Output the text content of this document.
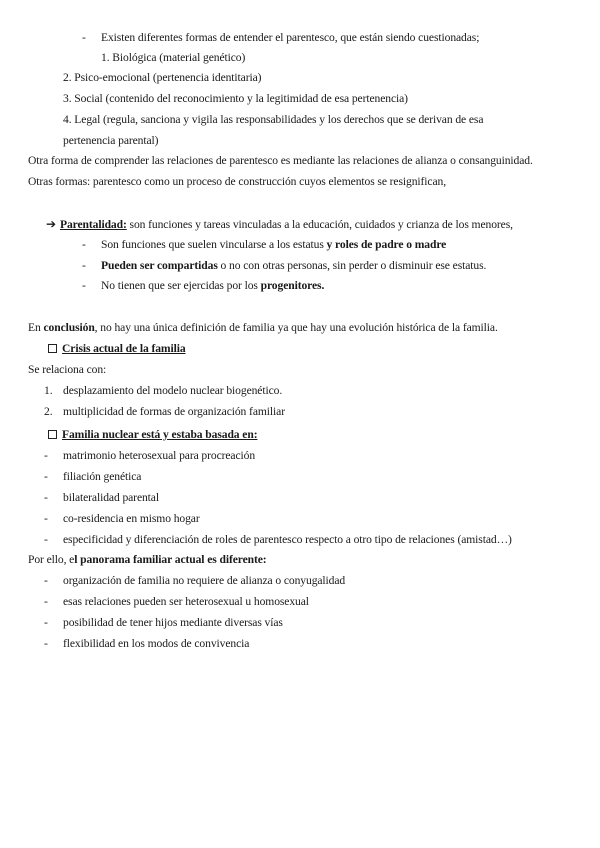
- Existen diferentes formas de entender el parentesco, que están siendo cuestionadas;
1. Biológica (material genético)
2. Psico-emocional (pertenencia identitaria)
3. Social (contenido del reconocimiento y la legitimidad de esa pertenencia)
4. Legal (regula, sanciona y vigila las responsabilidades y los derechos que se derivan de esa
pertenencia parental)
Otra forma de comprender las relaciones de parentesco es mediante las relaciones de alianza o consanguinidad.
Otras formas: parentesco como un proceso de construcción cuyos elementos se resignifican,
➔ Parentalidad: son funciones y tareas vinculadas a la educación, cuidados y crianza de los menores,
- Son funciones que suelen vincularse a los estatus y roles de padre o madre
- Pueden ser compartidas o no con otras personas, sin perder o disminuir ese estatus.
- No tienen que ser ejercidas por los progenitores.
En conclusión, no hay una única definición de familia ya que hay una evolución histórica de la familia.
Crisis actual de la familia
Se relaciona con:
1. desplazamiento del modelo nuclear biogenético.
2. multiplicidad de formas de organización familiar
Familia nuclear está y estaba basada en:
- matrimonio heterosexual para procreación
- filiación genética
- bilateralidad parental
- co-residencia en mismo hogar
- especificidad y diferenciación de roles de parentesco respecto a otro tipo de relaciones (amistad…)
Por ello, el panorama familiar actual es diferente:
- organización de familia no requiere de alianza o conyugalidad
- esas relaciones pueden ser heterosexual u homosexual
- posibilidad de tener hijos mediante diversas vías
- flexibilidad en los modos de convivencia
